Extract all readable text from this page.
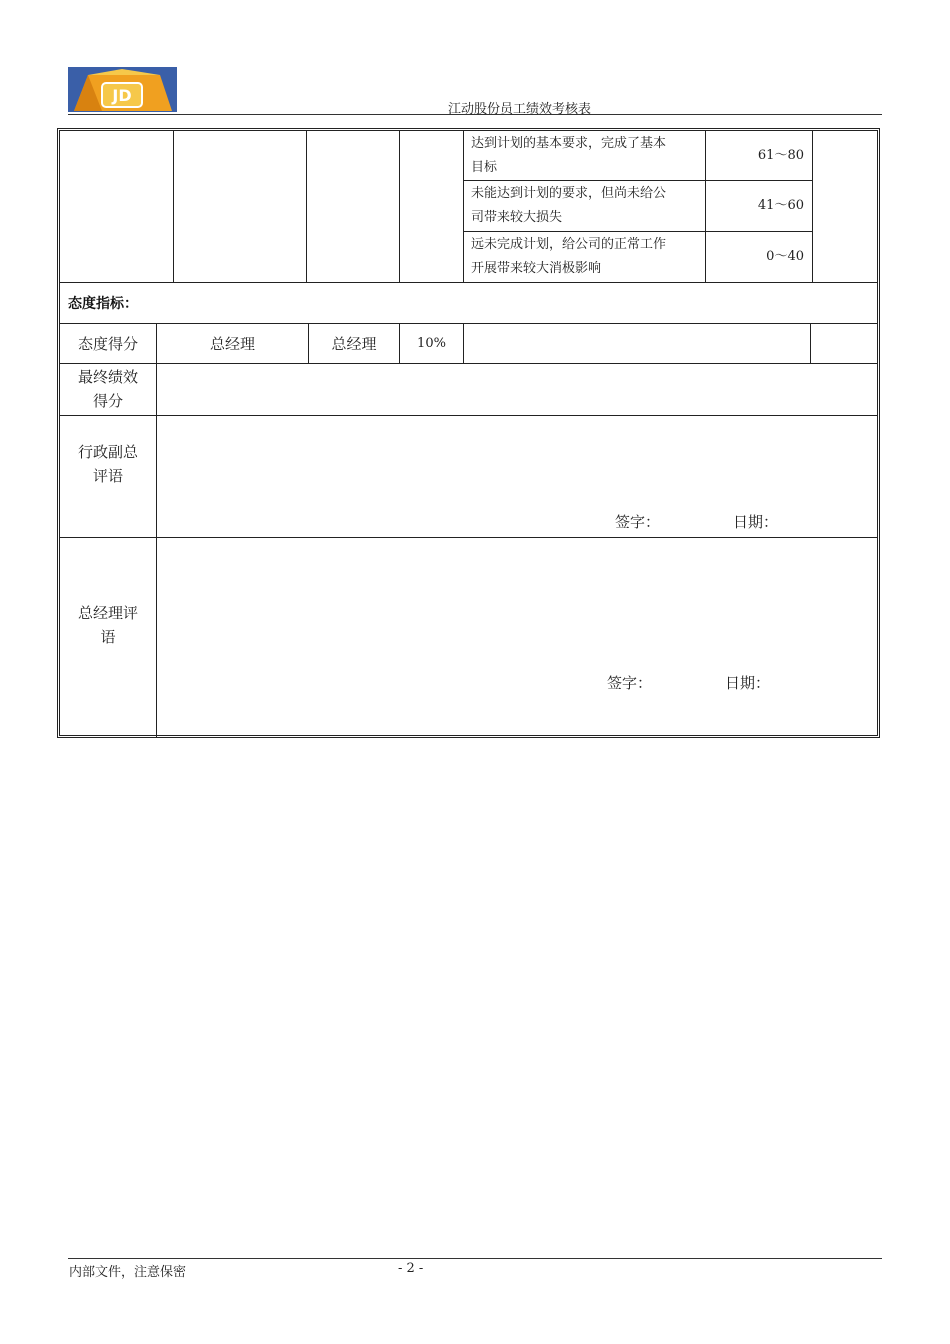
JD
江动股份员工绩效考核表
达到计划的基本要求，完成了基本
目标
61～80
未能达到计划的要求，但尚未给公
司带来较大损失
41～60
远未完成计划，给公司的正常工作
开展带来较大消极影响
0～40
态度指标：
态度得分	总经理	总经理	10%
最终绩效
得分
行政副总
评语
签字：	日期：
总经理评
语
签字：	日期：
内部文件，注意保密	- 2 -
